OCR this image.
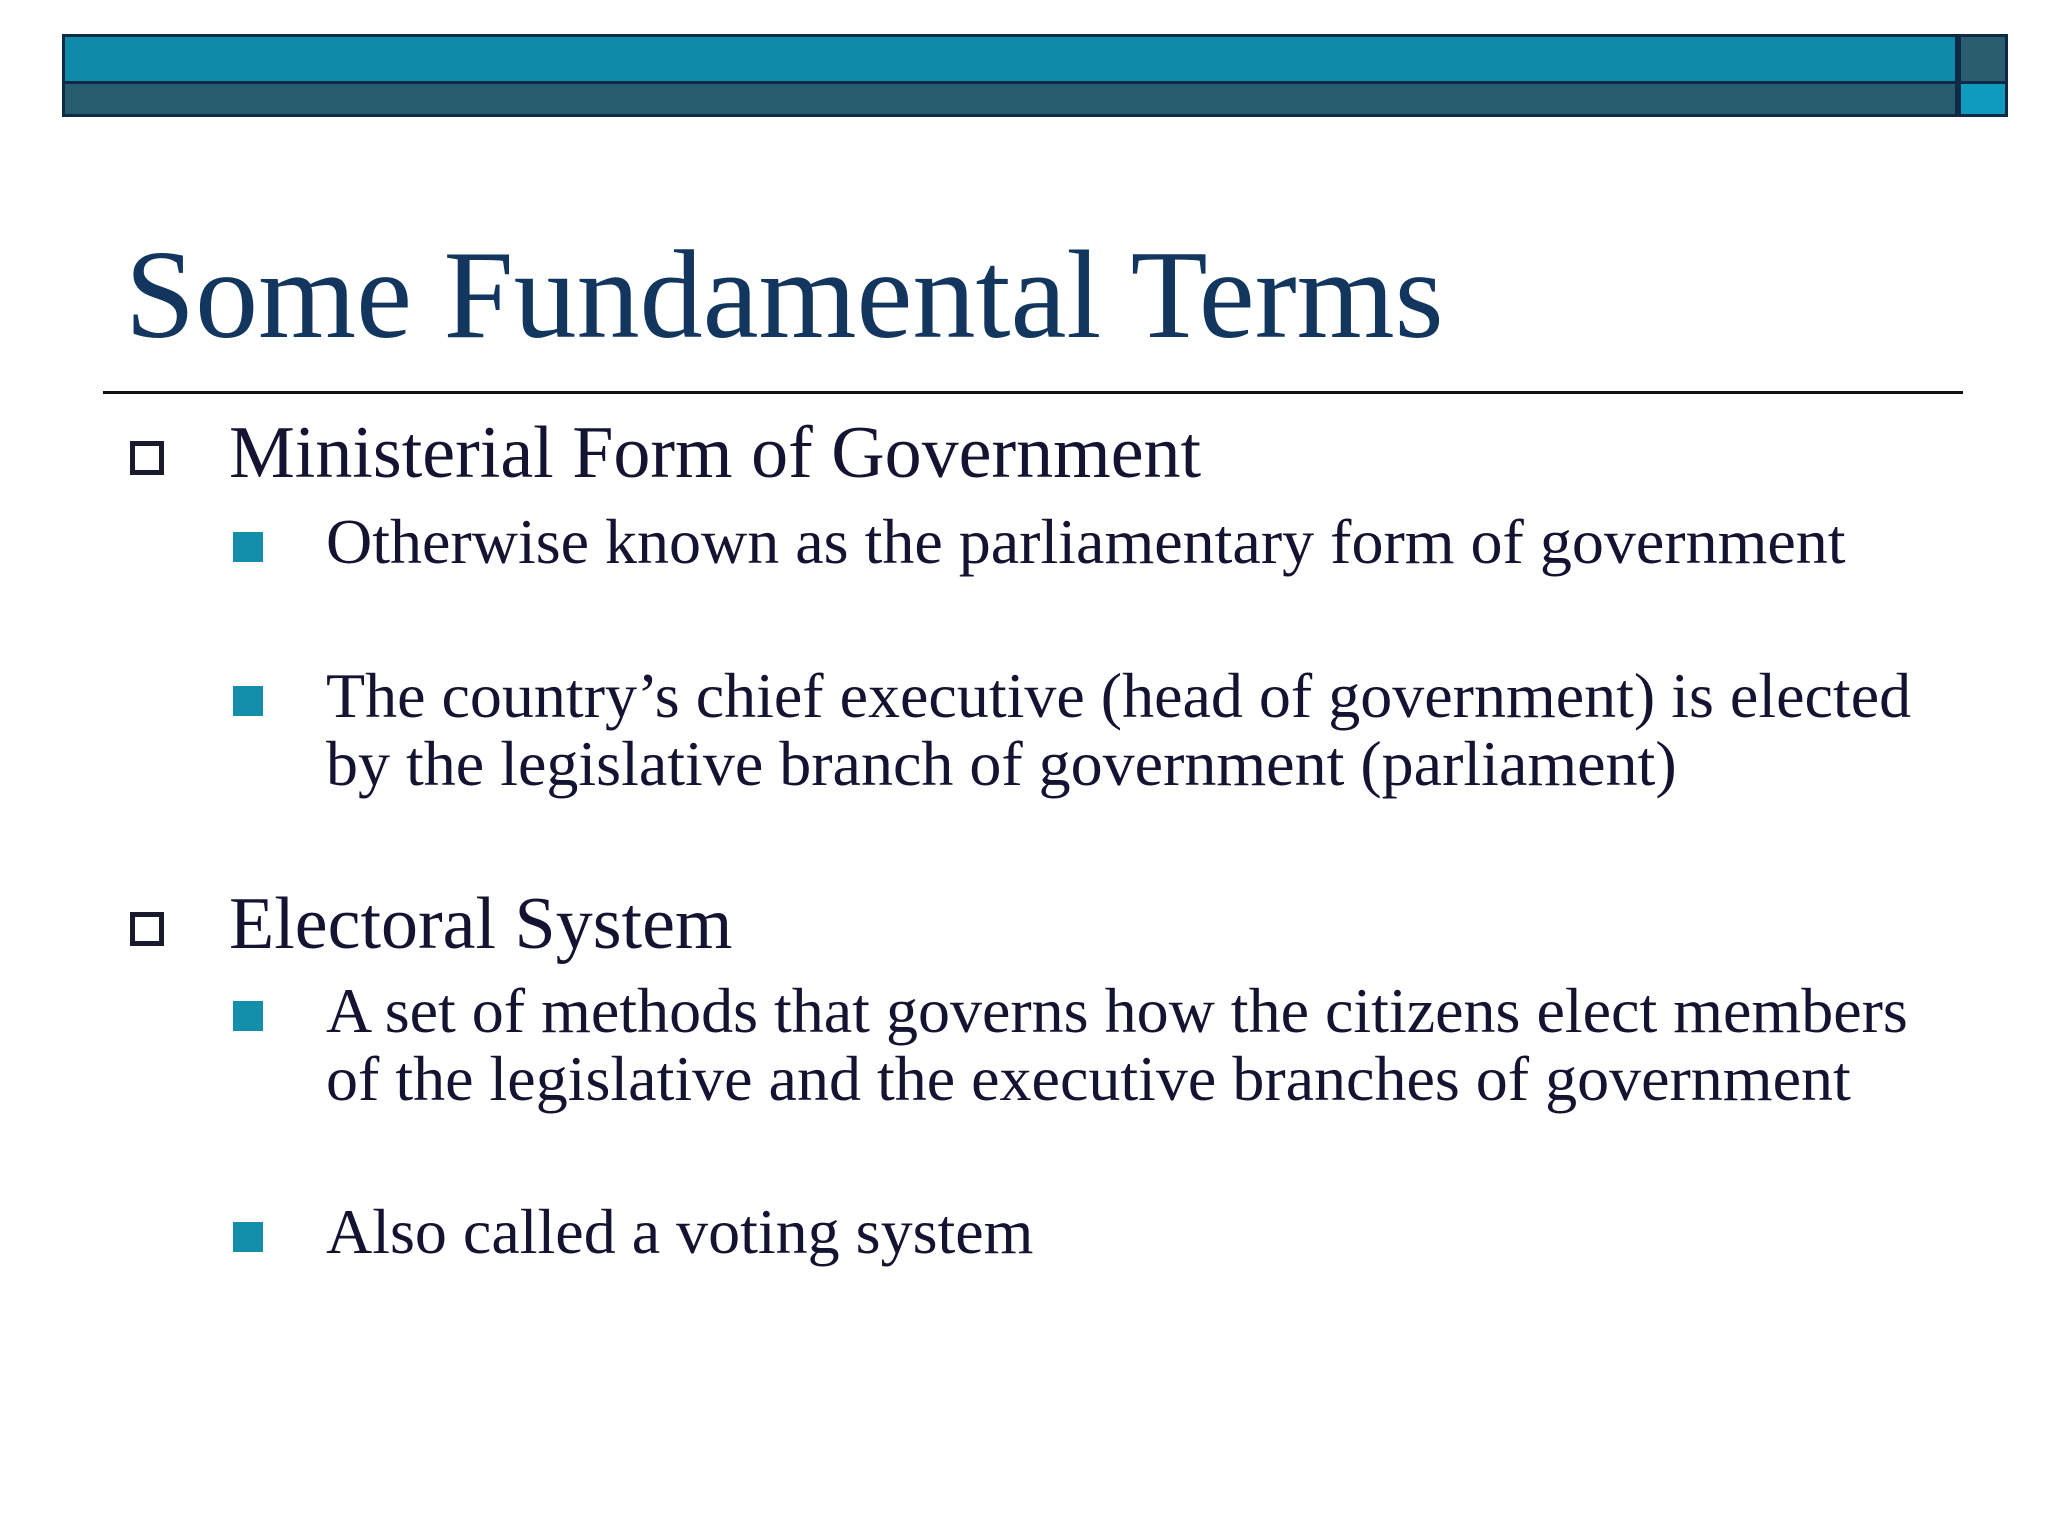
Some Fundamental Terms
Ministerial Form of Government
Otherwise known as the parliamentary form of government
The country’s chief executive (head of government) is elected by the legislative branch of government (parliament)
Electoral System
A set of methods that governs how the citizens elect members of the legislative and the executive branches of government
Also called a voting system
